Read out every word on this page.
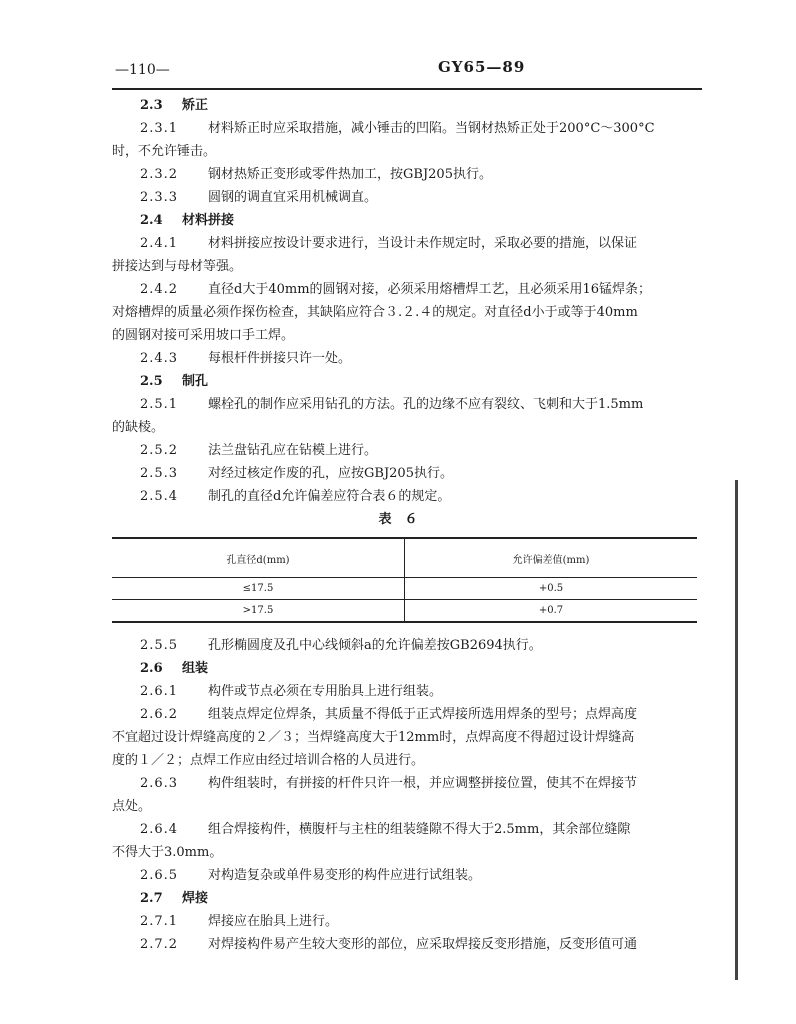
—110—	GY65—89
2.3 矫正
2.3.1 材料矫正时应采取措施，减小锤击的凹陷。当钢材热矫正处于200°C～300°C
时，不允许锤击。
2.3.2 钢材热矫正变形或零件热加工，按GBJ205执行。
2.3.3 圆钢的调直宜采用机械调直。
2.4 材料拼接
2.4.1 材料拼接应按设计要求进行，当设计未作规定时，采取必要的措施，以保证
拼接达到与母材等强。
2.4.2 直径d大于40mm的圆钢对接，必须采用熔槽焊工艺，且必须采用16锰焊条；
对熔槽焊的质量必须作探伤检查，其缺陷应符合３.２.４的规定。对直径d小于或等于40mm
的圆钢对接可采用坡口手工焊。
2.4.3 每根杆件拼接只许一处。
2.5 制孔
2.5.1 螺栓孔的制作应采用钻孔的方法。孔的边缘不应有裂纹、飞刺和大于1.5mm
的缺棱。
2.5.2 法兰盘钻孔应在钻模上进行。
2.5.3 对经过核定作废的孔，应按GBJ205执行。
2.5.4 制孔的直径d允许偏差应符合表６的规定。
表　６
孔直径d(mm)	允许偏差值(mm)
≤17.5	+0.5
>17.5	+0.7
2.5.5 孔形椭圆度及孔中心线倾斜a的允许偏差按GB2694执行。
2.6 组装
2.6.1 构件或节点必须在专用胎具上进行组装。
2.6.2 组装点焊定位焊条，其质量不得低于正式焊接所选用焊条的型号；点焊高度
不宜超过设计焊缝高度的２／３；当焊缝高度大于12mm时，点焊高度不得超过设计焊缝高
度的１／２；点焊工作应由经过培训合格的人员进行。
2.6.3 构件组装时，有拼接的杆件只许一根，并应调整拼接位置，使其不在焊接节
点处。
2.6.4 组合焊接构件，横腹杆与主柱的组装缝隙不得大于2.5mm，其余部位缝隙
不得大于3.0mm。
2.6.5 对构造复杂或单件易变形的构件应进行试组装。
2.7 焊接
2.7.1 焊接应在胎具上进行。
2.7.2 对焊接构件易产生较大变形的部位，应采取焊接反变形措施，反变形值可通
